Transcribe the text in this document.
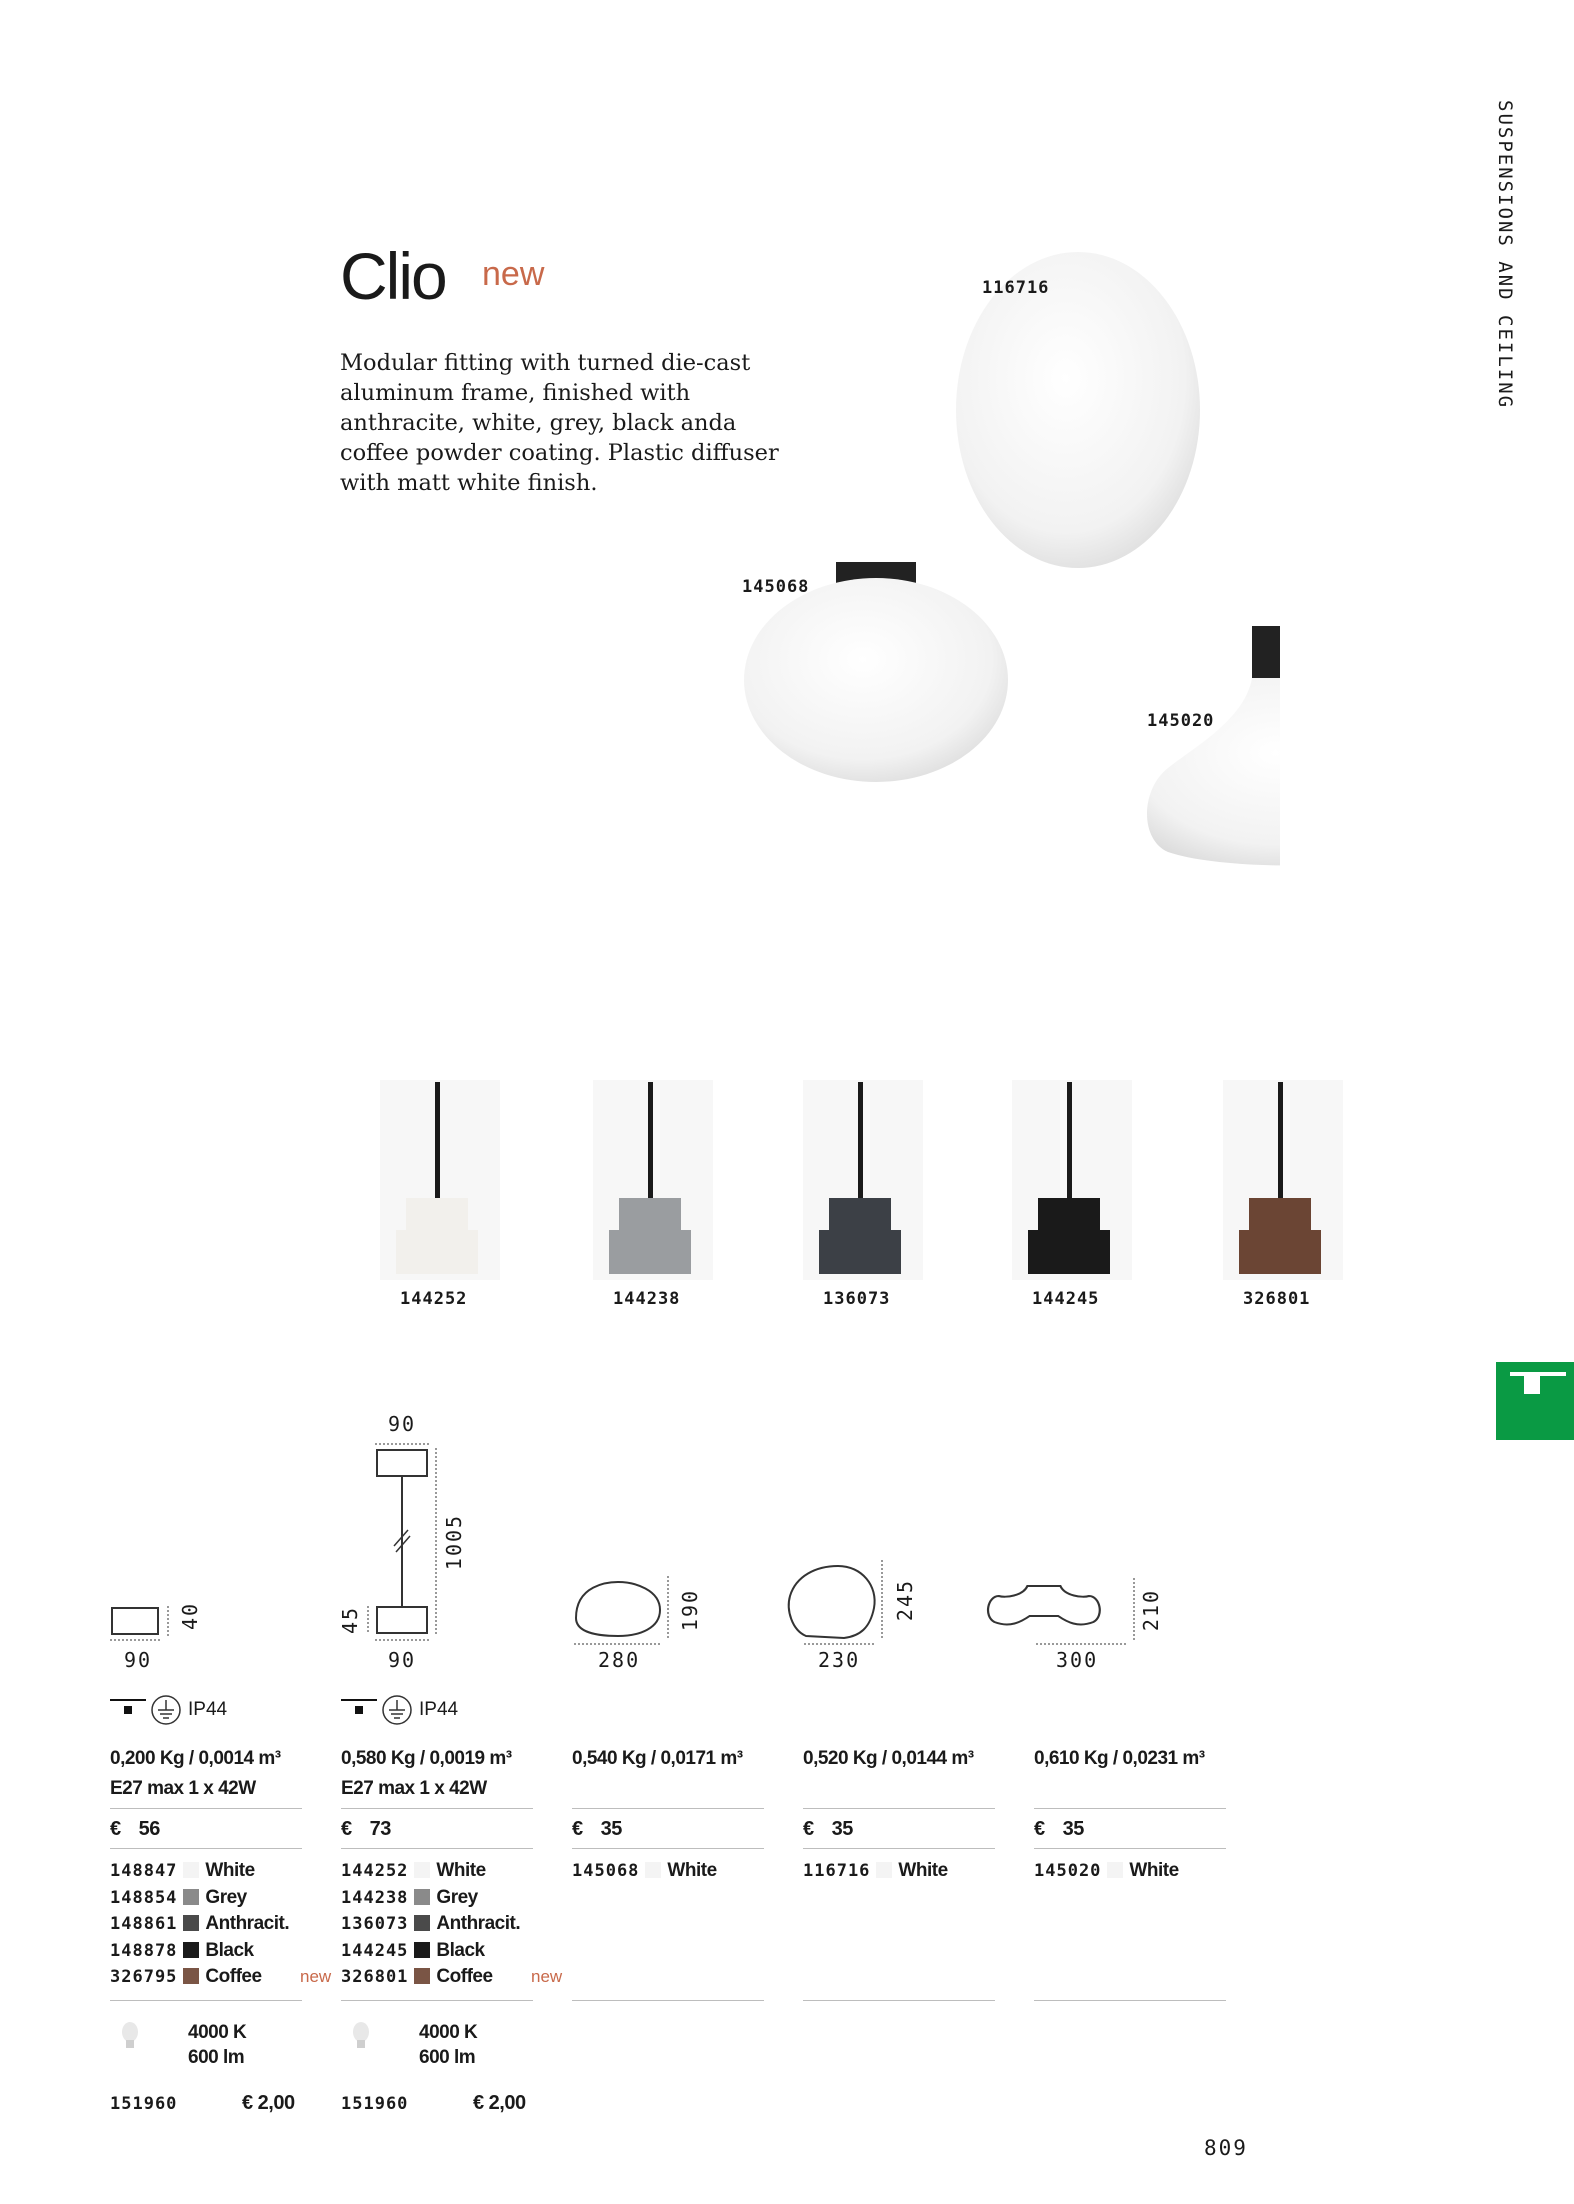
Clio new
Modular fitting with turned die-cast aluminum frame, finished with anthracite, white, grey, black anda coffee powder coating. Plastic diffuser with matt white finish.
SUSPENSIONS AND CEILING
116716
145068
145020
144252	144238	136073	144245	326801
90
40
90
1005
45
90	280
190
230
245
300
210
IP44
0,200 Kg / 0,0014 m³
E27 max 1 x 42W
€ 56
148847 White
148854 Grey
148861 Anthracit.
148878 Black
326795 Coffee new
4000 K
600 lm
151960	€ 2,00
IP44
0,580 Kg / 0,0019 m³
E27 max 1 x 42W
€ 73
144252 White
144238 Grey
136073 Anthracit.
144245 Black
326801 Coffee new
4000 K
600 lm
151960	€ 2,00
0,540 Kg / 0,0171 m³
€ 35
145068 White
0,520 Kg / 0,0144 m³
€ 35
116716 White
0,610 Kg / 0,0231 m³
€ 35
145020 White
809
